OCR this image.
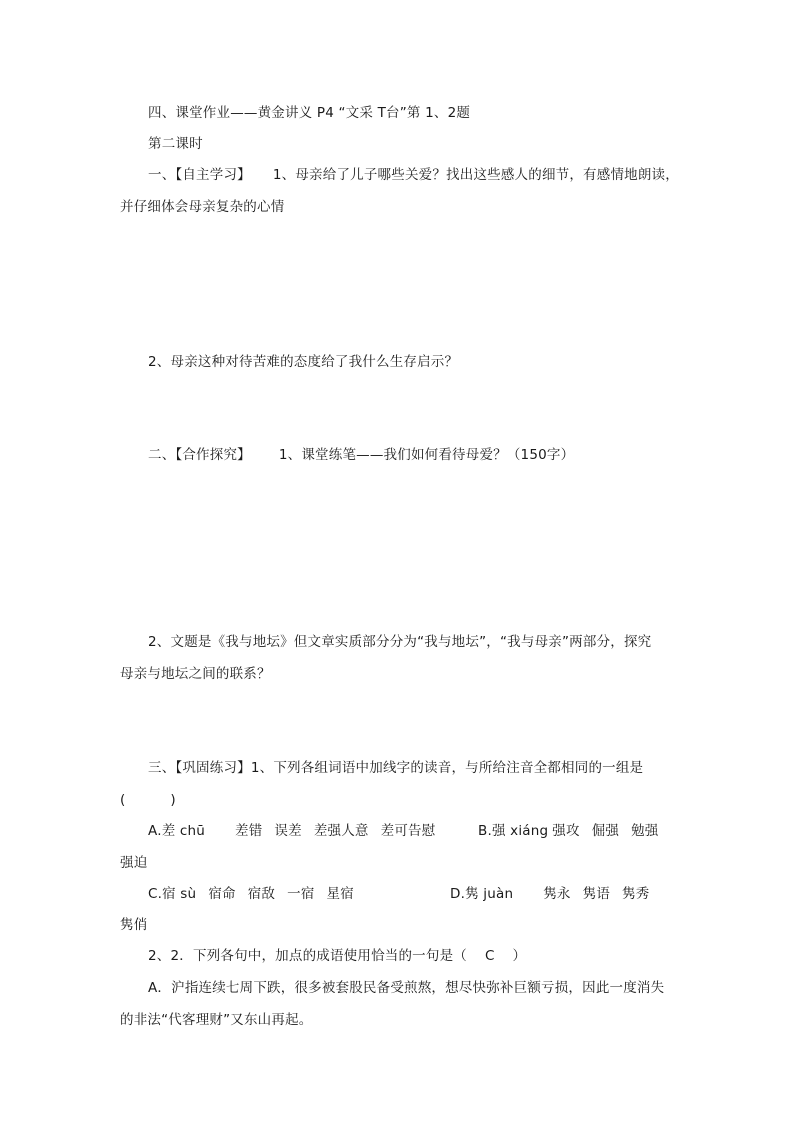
四、课堂作业——黄金讲义 P4 “文采 T台”第 1、2题
第二课时
一、【自主学习】 1、母亲给了儿子哪些关爱？找出这些感人的细节，有感情地朗读，
并仔细体会母亲复杂的心情
2、母亲这种对待苦难的态度给了我什么生存启示？
二、【合作探究】 1、课堂练笔——我们如何看待母爱？（150字）
2、文题是《我与地坛》但文章实质部分分为“我与地坛”，“我与母亲”两部分，探究
母亲与地坛之间的联系？
三、【巩固练习】1、下列各组词语中加线字的读音，与所给注音全都相同的一组是
(          )
A.差 chū 差错 误差 差强人意 差可告慰	B.强 xiáng 强攻 倔强 勉强
强迫
C.宿 sù 宿命 宿敌 一宿 星宿	D.隽 juàn 隽永 隽语 隽秀
隽俏
2、2．下列各句中，加点的成语使用恰当的一句是（    C    ）
A．沪指连续七周下跌，很多被套股民备受煎熬，想尽快弥补巨额亏损，因此一度消失
的非法“代客理财”又东山再起。
